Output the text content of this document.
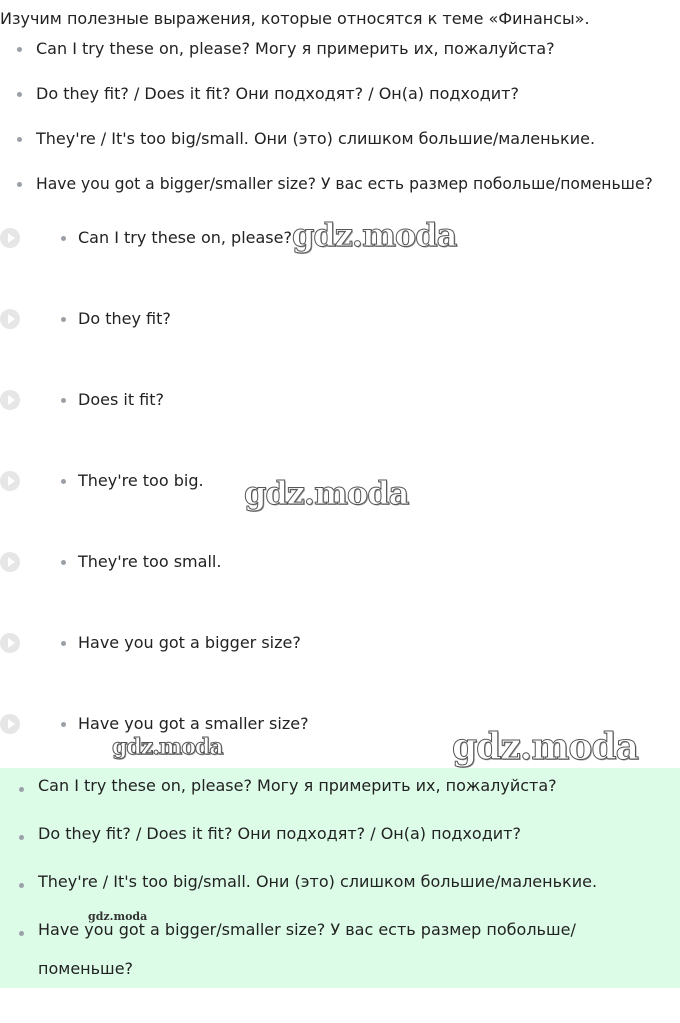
Изучим полезные выражения, которые относятся к теме «Финансы».
Can I try these on, please? Могу я примерить их, пожалуйста?
Do they fit? / Does it fit? Они подходят? / Он(а) подходит?
They're / It's too big/small. Они (это) слишком большие/маленькие.
Have you got a bigger/smaller size? У вас есть размер побольше/поменьше?
Can I try these on, please?
Do they fit?
Does it fit?
They're too big.
They're too small.
Have you got a bigger size?
Have you got a smaller size?
Can I try these on, please? Могу я примерить их, пожалуйста?
Do they fit? / Does it fit? Они подходят? / Он(а) подходит?
They're / It's too big/small. Они (это) слишком большие/маленькие.
Have you got a bigger/smaller size? У вас есть размер побольше/
поменьше?
gdz.moda
gdz.moda
gdz.moda	gdz.moda
gdz.moda
